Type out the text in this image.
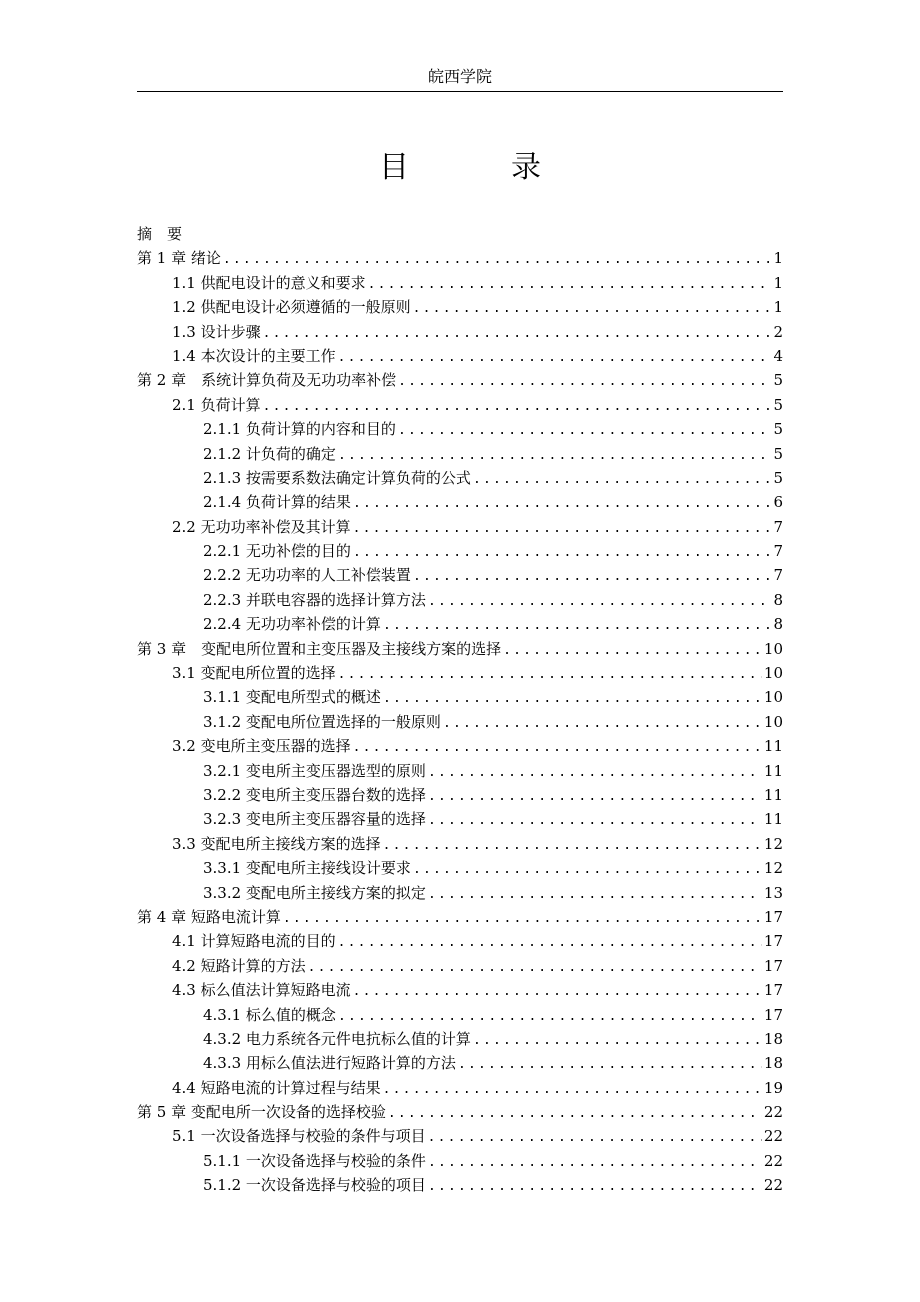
皖西学院
目　录
摘　要
第 1 章 绪论 .....	1
1.1 供配电设计的意义和要求 .....	1
1.2 供配电设计必须遵循的一般原则 .....	1
1.3 设计步骤 .....	2
1.4 本次设计的主要工作 .....	4
第 2 章　系统计算负荷及无功功率补偿 .....	5
2.1 负荷计算 .....	5
2.1.1 负荷计算的内容和目的 .....	5
2.1.2 计负荷的确定 .....	5
2.1.3 按需要系数法确定计算负荷的公式 .....	5
2.1.4 负荷计算的结果 .....	6
2.2 无功功率补偿及其计算 .....	7
2.2.1 无功补偿的目的 .....	7
2.2.2 无功功率的人工补偿装置 .....	7
2.2.3 并联电容器的选择计算方法 .....	8
2.2.4 无功功率补偿的计算 .....	8
第 3 章　变配电所位置和主变压器及主接线方案的选择 .....	10
3.1 变配电所位置的选择 .....	10
3.1.1 变配电所型式的概述 .....	10
3.1.2 变配电所位置选择的一般原则 .....	10
3.2 变电所主变压器的选择 .....	11
3.2.1 变电所主变压器选型的原则 .....	11
3.2.2 变电所主变压器台数的选择 .....	11
3.2.3 变电所主变压器容量的选择 .....	11
3.3 变配电所主接线方案的选择 .....	12
3.3.1 变配电所主接线设计要求 .....	12
3.3.2 变配电所主接线方案的拟定 .....	13
第 4 章 短路电流计算 .....	17
4.1 计算短路电流的目的 .....	17
4.2 短路计算的方法 .....	17
4.3 标么值法计算短路电流 .....	17
4.3.1 标么值的概念 .....	17
4.3.2 电力系统各元件电抗标么值的计算 .....	18
4.3.3 用标么值法进行短路计算的方法 .....	18
4.4 短路电流的计算过程与结果 .....	19
第 5 章 变配电所一次设备的选择校验 .....	22
5.1 一次设备选择与校验的条件与项目 .....	22
5.1.1 一次设备选择与校验的条件 .....	22
5.1.2 一次设备选择与校验的项目 .....	22
